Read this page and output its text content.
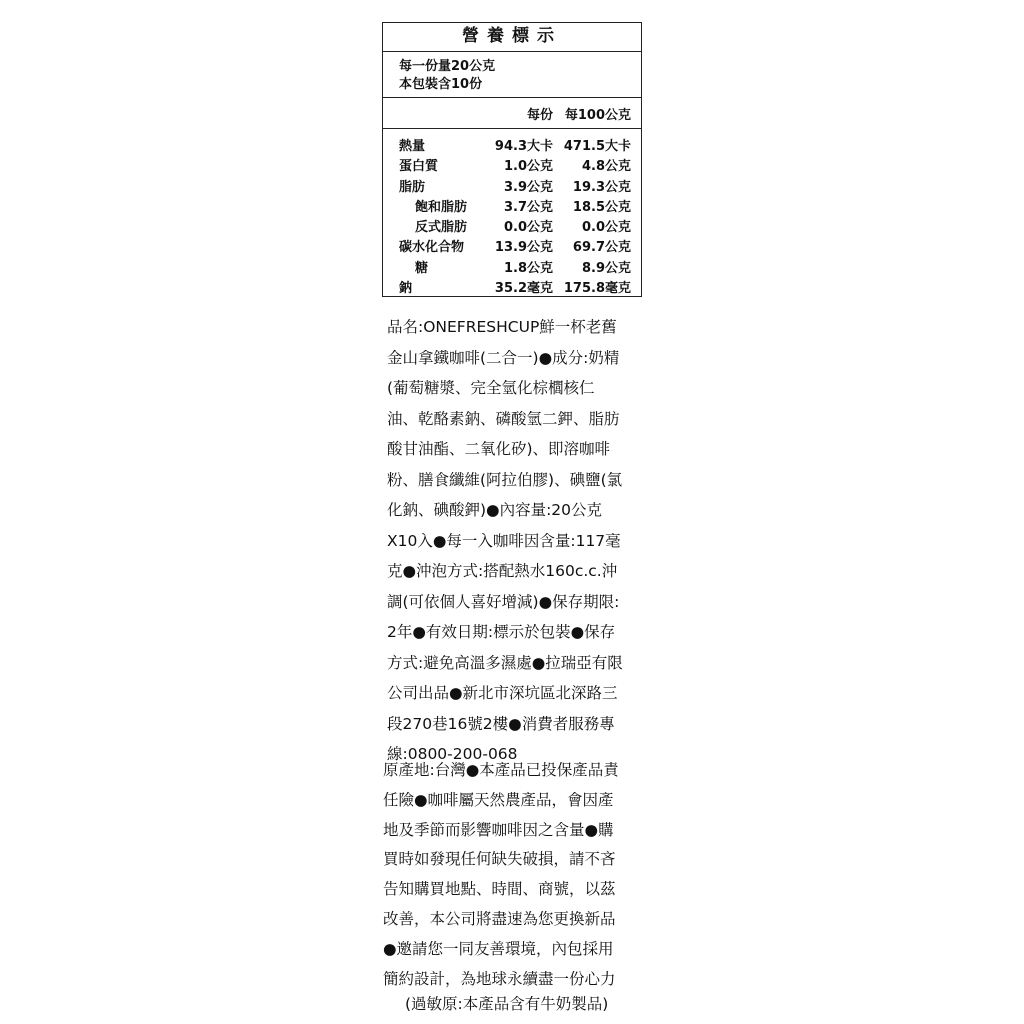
營養標示
每一份量20公克
本包裝含10份
每份 每100公克
熱量	94.3大卡 471.5大卡
蛋白質	1.0公克 4.8公克
脂肪	3.9公克 19.3公克
飽和脂肪	3.7公克 18.5公克
反式脂肪	0.0公克 0.0公克
碳水化合物 13.9公克 69.7公克
糖	1.8公克 8.9公克
鈉	35.2毫克 175.8毫克
品名:ONEFRESHCUP鮮一杯老舊
金山拿鐵咖啡(二合一)●成分:奶精
(葡萄糖漿、完全氫化棕櫚核仁
油、乾酪素鈉、磷酸氫二鉀、脂肪
酸甘油酯、二氧化矽)、即溶咖啡
粉、膳食纖維(阿拉伯膠)、碘鹽(氯
化鈉、碘酸鉀)●內容量:20公克
X10入●每一入咖啡因含量:117毫
克●沖泡方式:搭配熱水160c.c.沖
調(可依個人喜好增減)●保存期限:
2年●有效日期:標示於包裝●保存
方式:避免高溫多濕處●拉瑞亞有限
公司出品●新北市深坑區北深路三
段270巷16號2樓●消費者服務專
線:0800-200-068
原產地:台灣●本產品已投保產品責
任險●咖啡屬天然農產品，會因產
地及季節而影響咖啡因之含量●購
買時如發現任何缺失破損，請不吝
告知購買地點、時間、商號，以茲
改善，本公司將盡速為您更換新品
●邀請您一同友善環境，內包採用
簡約設計，為地球永續盡一份心力
(過敏原:本產品含有牛奶製品)
